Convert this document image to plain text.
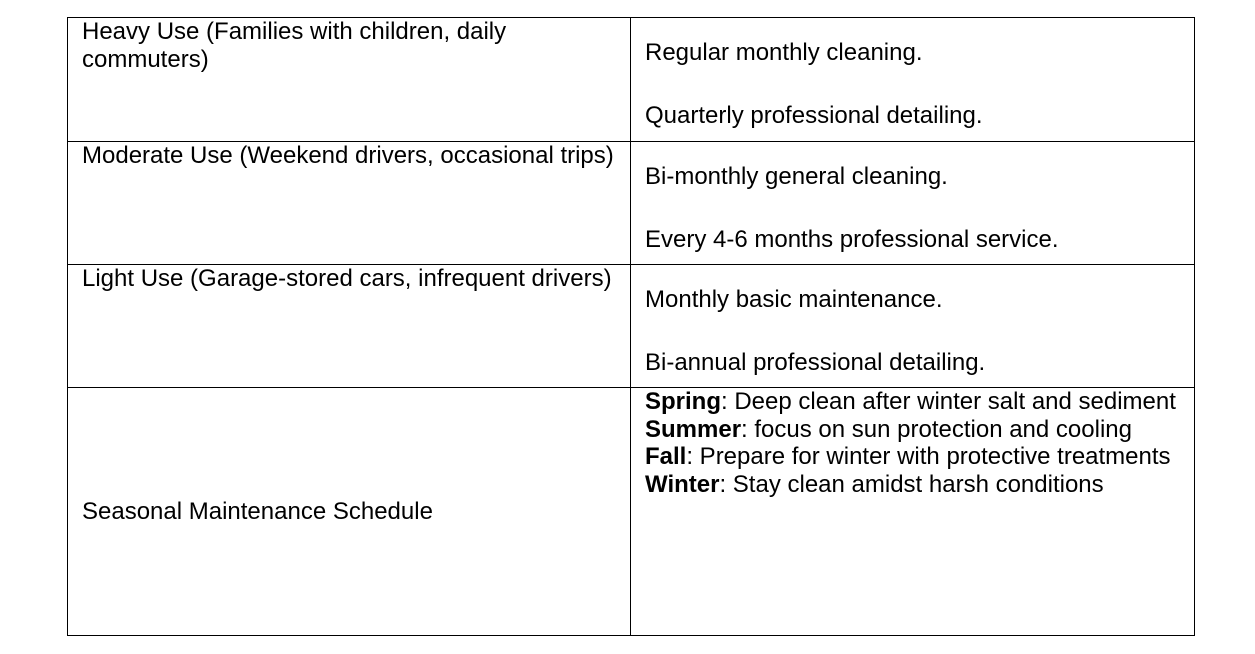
Heavy Use (Families with children, daily commuters)	Regular monthly cleaning.

Quarterly professional detailing.

Moderate Use (Weekend drivers, occasional trips)	Bi-monthly general cleaning.

Every 4-6 months professional service.

Light Use (Garage-stored cars, infrequent drivers)	Monthly basic maintenance.

Bi-annual professional detailing.

Seasonal Maintenance Schedule	Spring: Deep clean after winter salt and sediment

Summer: focus on sun protection and cooling

Fall: Prepare for winter with protective treatments

Winter: Stay clean amidst harsh conditions
